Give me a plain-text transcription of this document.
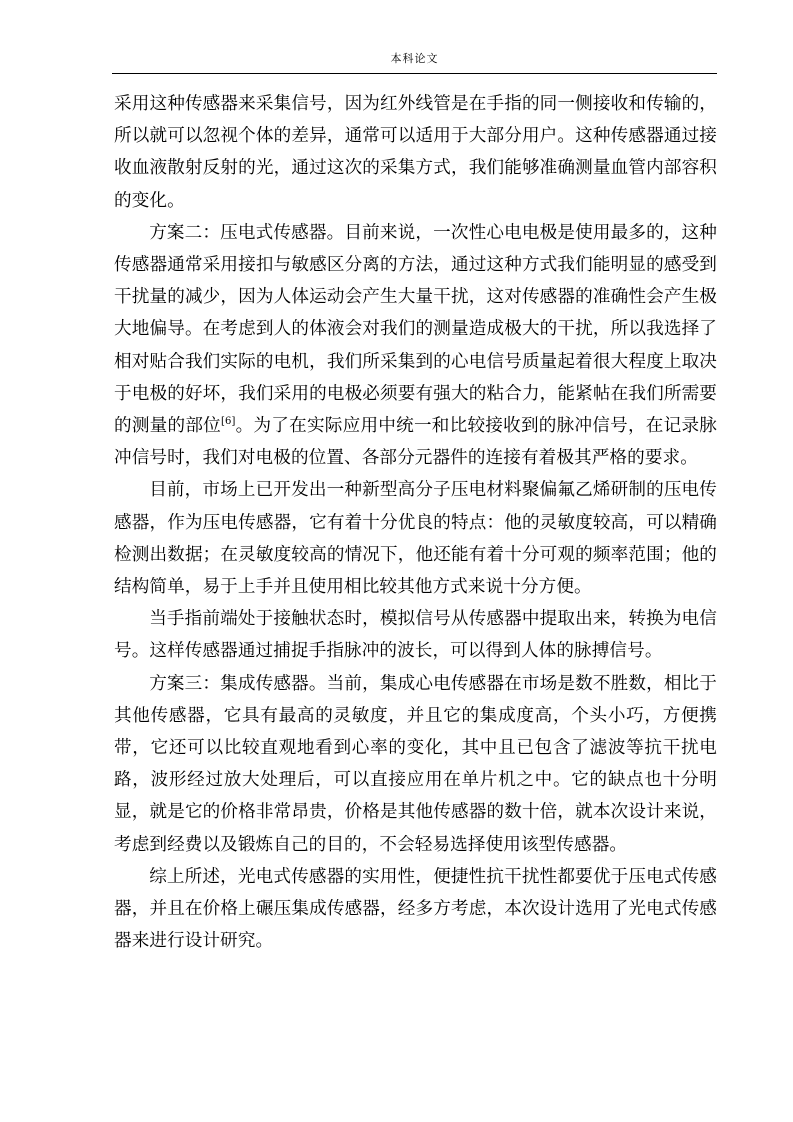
本科论文

采用这种传感器来采集信号，因为红外线管是在手指的同一侧接收和传输的，所以就可以忽视个体的差异，通常可以适用于大部分用户。这种传感器通过接收血液散射反射的光，通过这次的采集方式，我们能够准确测量血管内部容积的变化。

方案二：压电式传感器。目前来说，一次性心电电极是使用最多的，这种传感器通常采用接扣与敏感区分离的方法，通过这种方式我们能明显的感受到干扰量的减少，因为人体运动会产生大量干扰，这对传感器的准确性会产生极大地偏导。在考虑到人的体液会对我们的测量造成极大的干扰，所以我选择了相对贴合我们实际的电机，我们所采集到的心电信号质量起着很大程度上取决于电极的好坏，我们采用的电极必须要有强大的粘合力，能紧帖在我们所需要的测量的部位[6]。为了在实际应用中统一和比较接收到的脉冲信号，在记录脉冲信号时，我们对电极的位置、各部分元器件的连接有着极其严格的要求。

目前，市场上已开发出一种新型高分子压电材料聚偏氟乙烯研制的压电传感器，作为压电传感器，它有着十分优良的特点：他的灵敏度较高，可以精确检测出数据；在灵敏度较高的情况下，他还能有着十分可观的频率范围；他的结构简单，易于上手并且使用相比较其他方式来说十分方便。

当手指前端处于接触状态时，模拟信号从传感器中提取出来，转换为电信号。这样传感器通过捕捉手指脉冲的波长，可以得到人体的脉搏信号。

方案三：集成传感器。当前，集成心电传感器在市场是数不胜数，相比于其他传感器，它具有最高的灵敏度，并且它的集成度高，个头小巧，方便携带，它还可以比较直观地看到心率的变化，其中且已包含了滤波等抗干扰电路，波形经过放大处理后，可以直接应用在单片机之中。它的缺点也十分明显，就是它的价格非常昂贵，价格是其他传感器的数十倍，就本次设计来说，考虑到经费以及锻炼自己的目的，不会轻易选择使用该型传感器。

综上所述，光电式传感器的实用性，便捷性抗干扰性都要优于压电式传感器，并且在价格上碾压集成传感器，经多方考虑，本次设计选用了光电式传感器来进行设计研究。
